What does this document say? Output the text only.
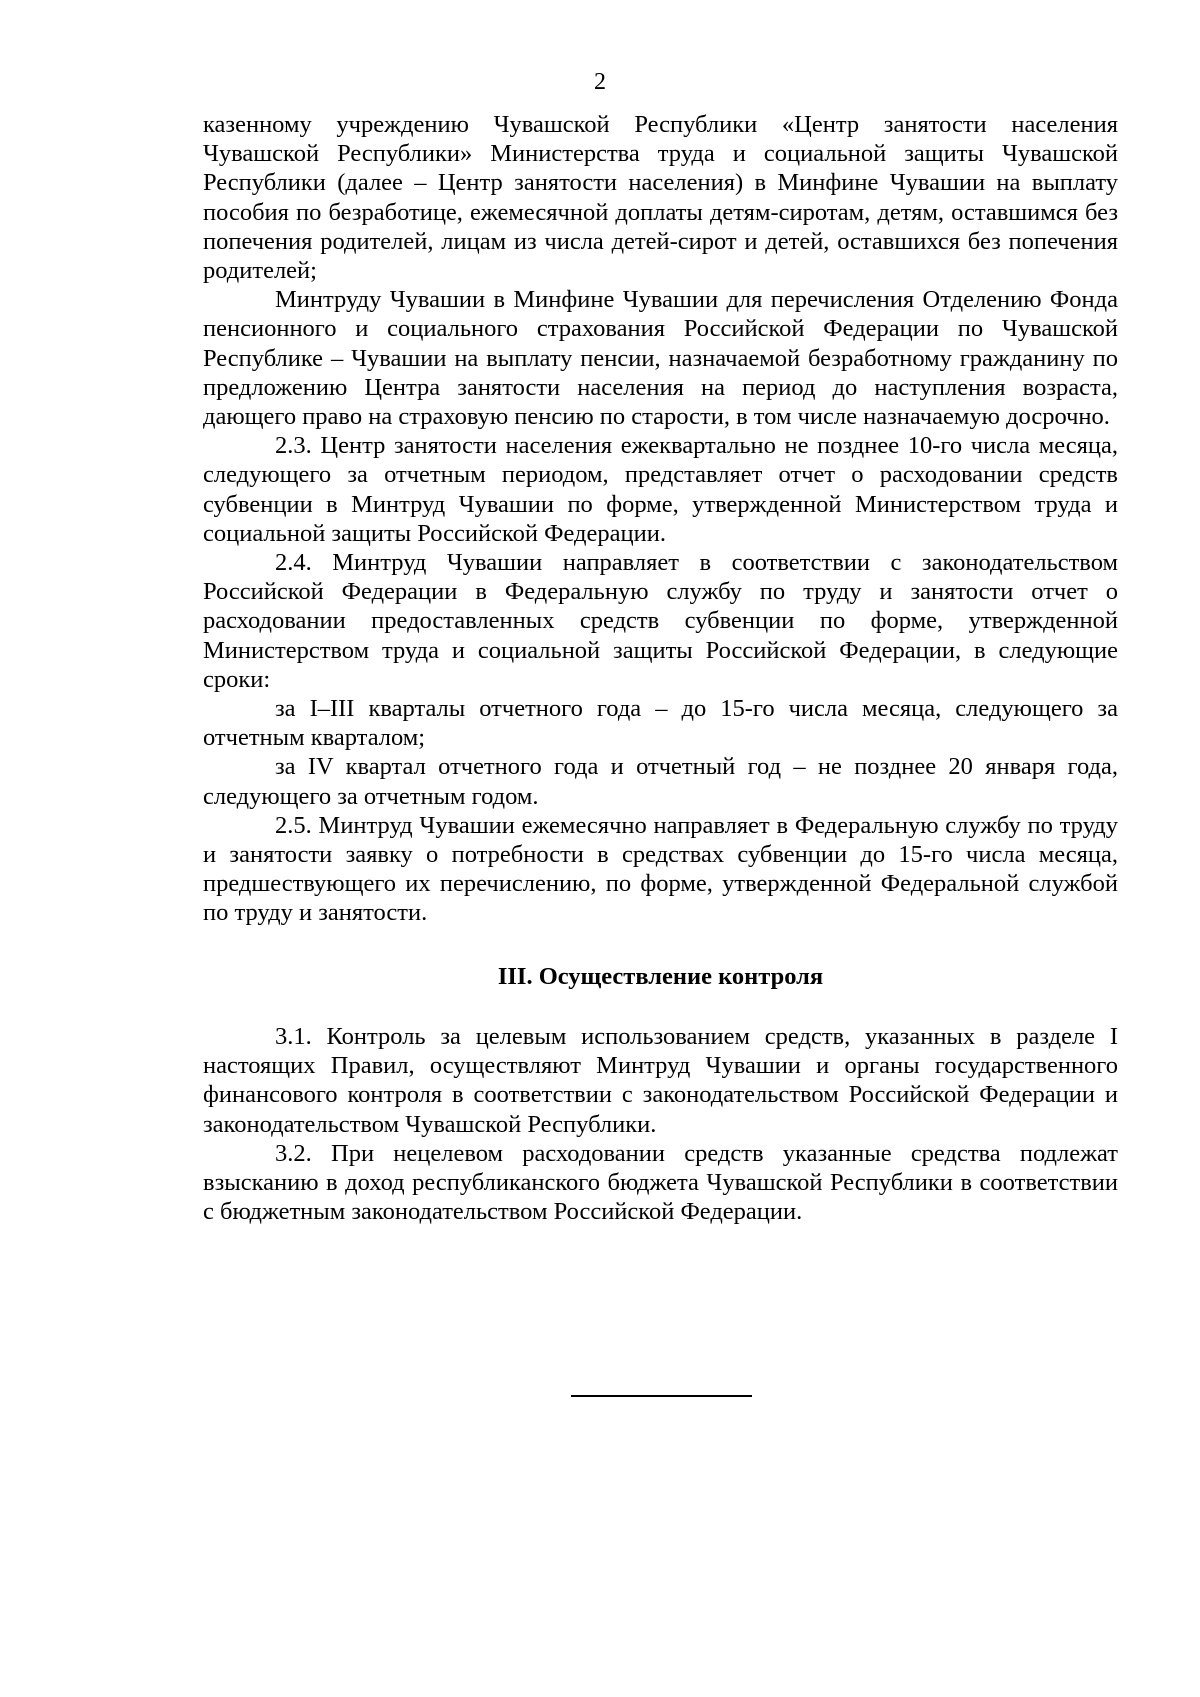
2

казенному учреждению Чувашской Республики «Центр занятости населения Чувашской Республики» Министерства труда и социальной защиты Чувашской Республики (далее – Центр занятости населения) в Минфине Чувашии на выплату пособия по безработице, ежемесячной доплаты детям-сиротам, детям, оставшимся без попечения родителей, лицам из числа детей-сирот и детей, оставшихся без попечения родителей;

Минтруду Чувашии в Минфине Чувашии для перечисления Отделению Фонда пенсионного и социального страхования Российской Федерации по Чувашской Республике – Чувашии на выплату пенсии, назначаемой безработному гражданину по предложению Центра занятости населения на период до наступления возраста, дающего право на страховую пенсию по старости, в том числе назначаемую досрочно.

2.3. Центр занятости населения ежеквартально не позднее 10-го числа месяца, следующего за отчетным периодом, представляет отчет о расходовании средств субвенции в Минтруд Чувашии по форме, утвержденной Министерством труда и социальной защиты Российской Федерации.

2.4. Минтруд Чувашии направляет в соответствии с законодательством Российской Федерации в Федеральную службу по труду и занятости отчет о расходовании предоставленных средств субвенции по форме, утвержденной Министерством труда и социальной защиты Российской Федерации, в следующие сроки:

за I–III кварталы отчетного года – до 15-го числа месяца, следующего за отчетным кварталом;

за IV квартал отчетного года и отчетный год – не позднее 20 января года, следующего за отчетным годом.

2.5. Минтруд Чувашии ежемесячно направляет в Федеральную службу по труду и занятости заявку о потребности в средствах субвенции до 15-го числа месяца, предшествующего их перечислению, по форме, утвержденной Федеральной службой по труду и занятости.

III. Осуществление контроля

3.1. Контроль за целевым использованием средств, указанных в разделе I настоящих Правил, осуществляют Минтруд Чувашии и органы государственного финансового контроля в соответствии с законодательством Российской Федерации и законодательством Чувашской Республики.

3.2. При нецелевом расходовании средств указанные средства подлежат взысканию в доход республиканского бюджета Чувашской Республики в соответствии с бюджетным законодательством Российской Федерации.
